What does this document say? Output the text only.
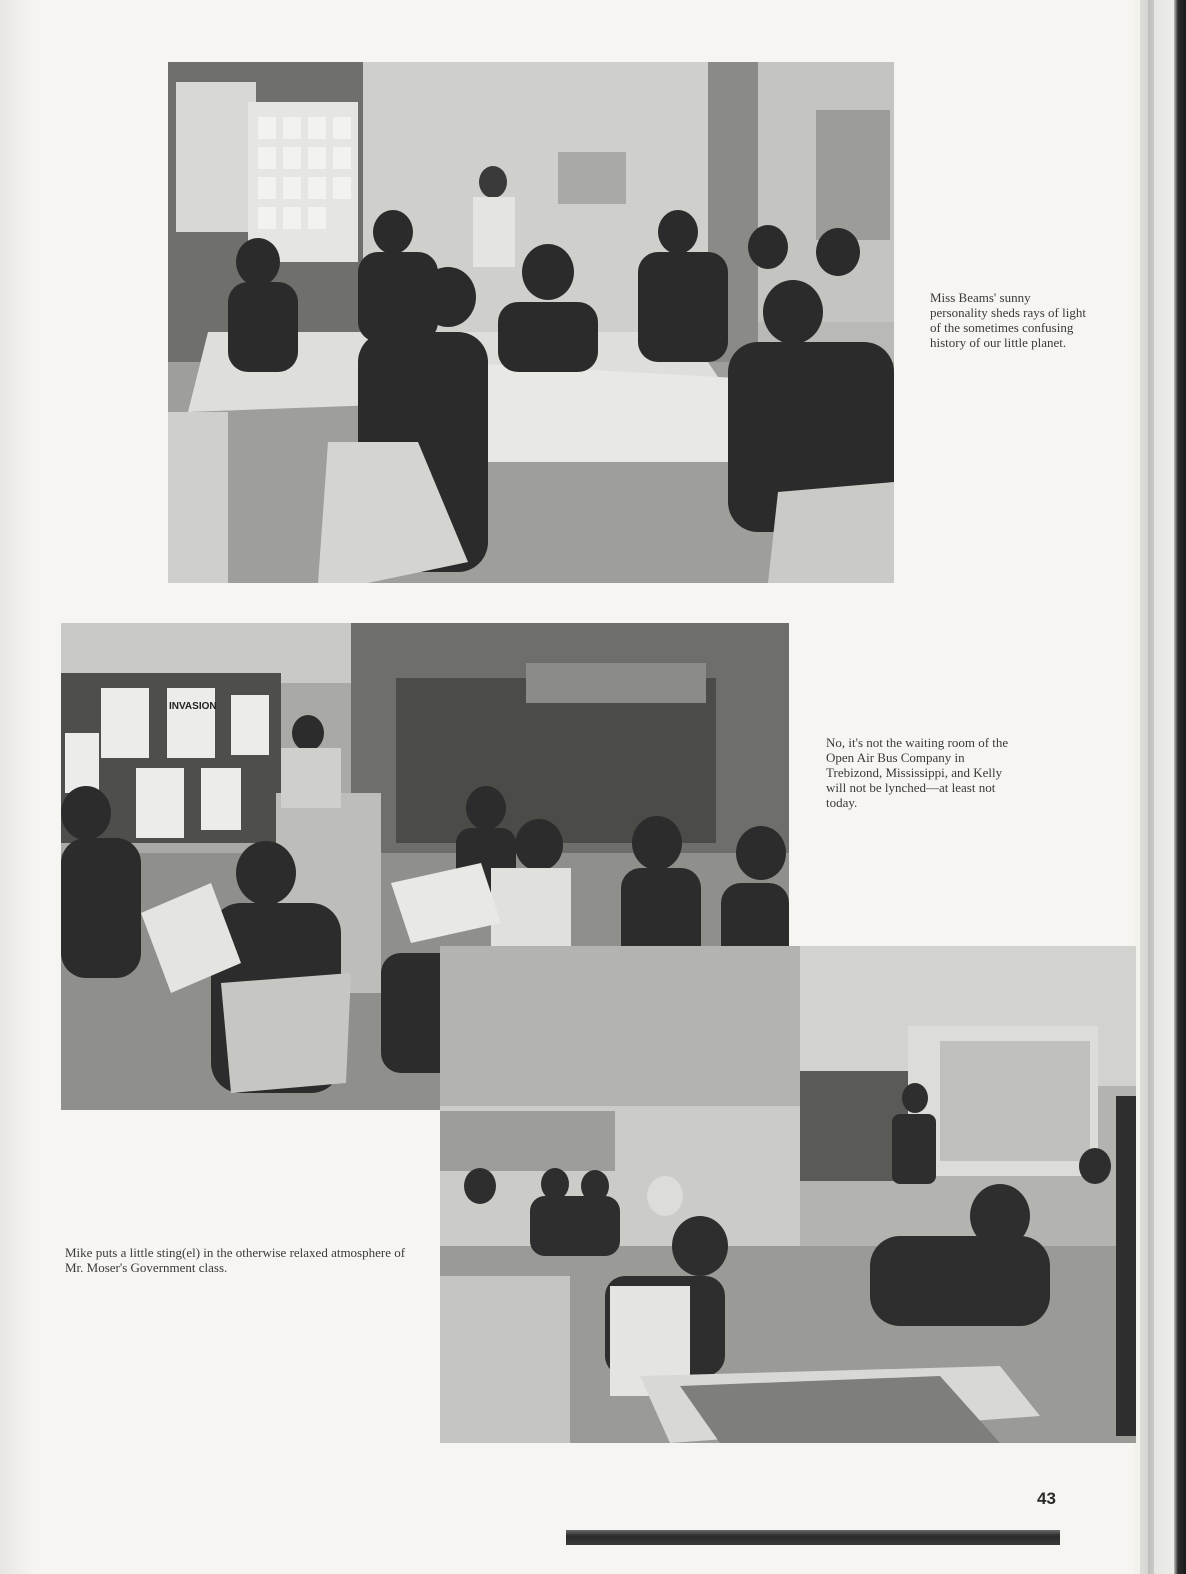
Miss Beams' sunny personality sheds rays of light of the sometimes confusing history of our little planet.

INVASION

No, it's not the waiting room of the Open Air Bus Company in Trebizond, Mississippi, and Kelly will not be lynched—at least not today.

Mike puts a little sting(el) in the otherwise relaxed atmosphere of Mr. Moser's Government class.

43
